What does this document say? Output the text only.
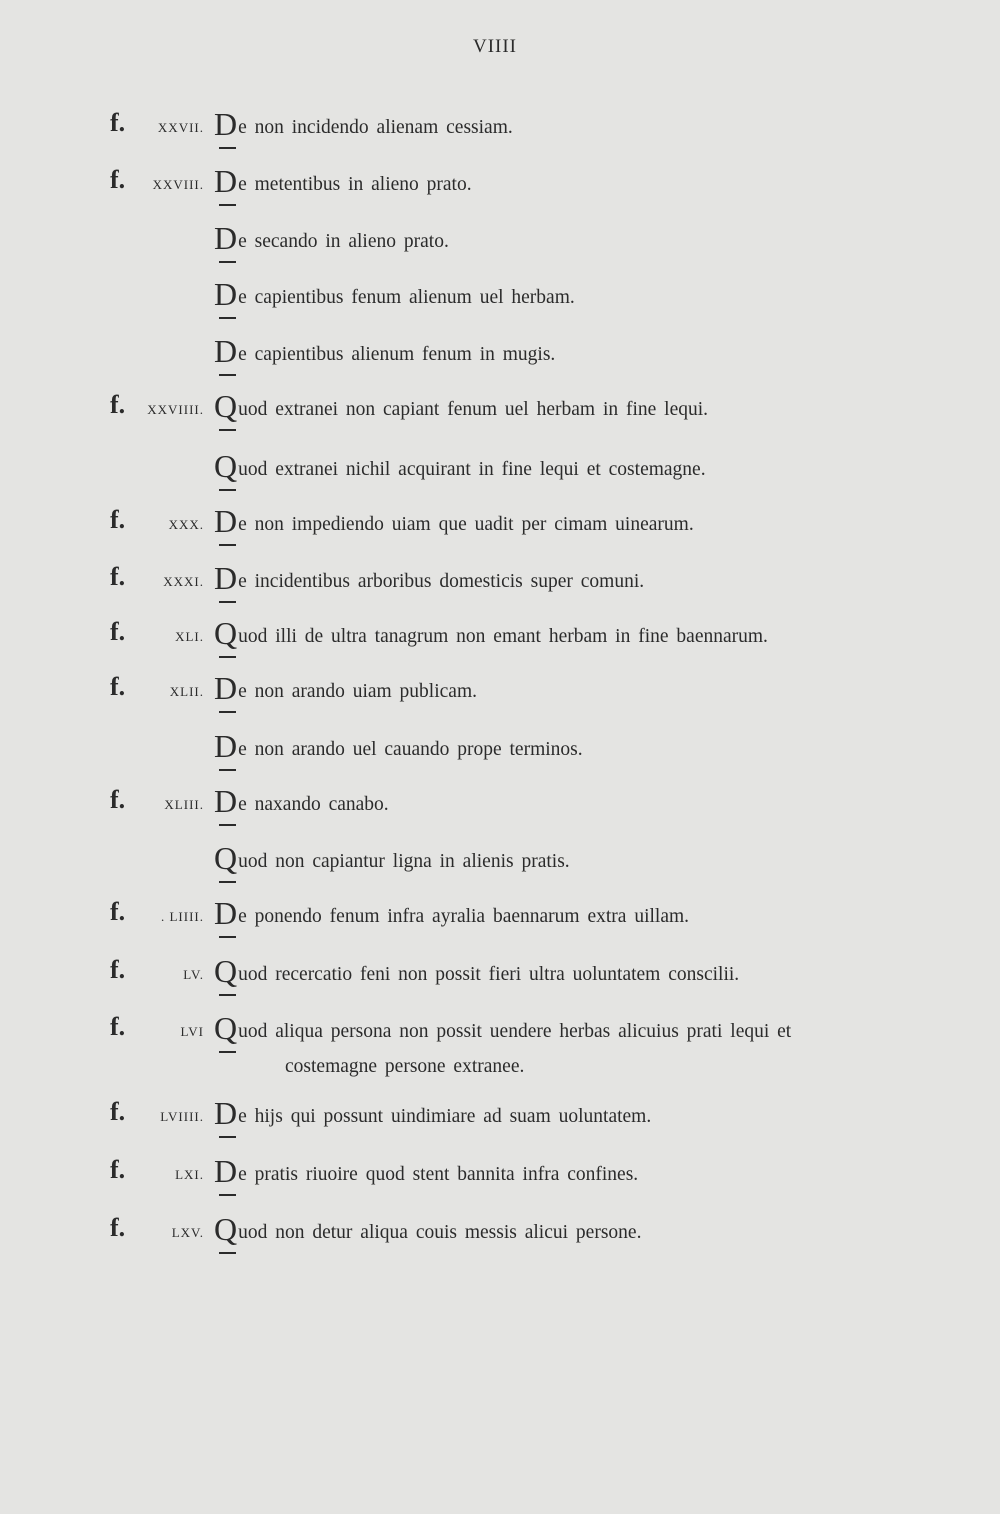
VIIII
f.	XXVII. De non incidendo alienam cessiam.
f. XXVIII. De metentibus in alieno prato.
De secando in alieno prato.
De capientibus fenum alienum uel herbam.
De capientibus alienum fenum in mugis.
f. XXVIIII. Quod extranei non capiant fenum uel herbam in fine lequi.
Quod extranei nichil acquirant in fine lequi et costemagne.
f.	XXX. De non impediendo uiam que uadit per cimam uinearum.
f.	XXXI. De incidentibus arboribus domesticis super comuni.
f.	XLI. Quod illi de ultra tanagrum non emant herbam in fine baennarum.
f.	XLII. De non arando uiam publicam.
De non arando uel cauando prope terminos.
f.	XLIII. De naxando canabo.
Quod non capiantur ligna in alienis pratis.
f.	. LIIII. De ponendo fenum infra ayralia baennarum extra uillam.
f.	LV. Quod recercatio feni non possit fieri ultra uoluntatem conscilii.
f.	LVI Quod aliqua persona non possit uendere herbas alicuius prati lequi et
costemagne persone extranee.
f.	LVIIII. De hijs qui possunt uindimiare ad suam uoluntatem.
f.	LXI. De pratis riuoire quod stent bannita infra confines.
f.	LXV. Quod non detur aliqua couis messis alicui persone.
